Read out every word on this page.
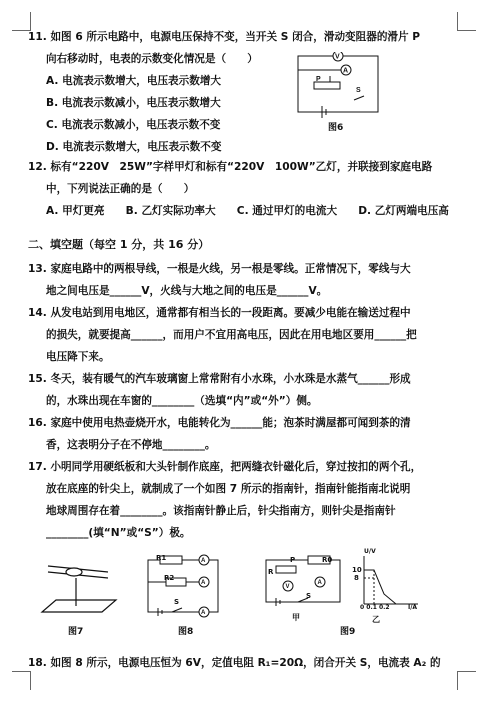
11. 如图 6 所示电路中，电源电压保持不变，当开关 S 闭合，滑动变阻器的滑片 P
向右移动时，电表的示数变化情况是（　　）
A. 电流表示数增大，电压表示数增大
B. 电流表示数减小，电压表示数增大
C. 电流表示数减小，电压表示数不变
D. 电流表示数增大，电压表示数不变
V
A
P
S
图6
12. 标有“220V　25W”字样甲灯和标有“220V　100W”乙灯，并联接到家庭电路
中，下列说法正确的是（　　）
A. 甲灯更亮　　B. 乙灯实际功率大　　C. 通过甲灯的电流大　　D. 乙灯两端电压高
二、填空题（每空 1 分，共 16 分）
13. 家庭电路中的两根导线，一根是火线，另一根是零线。正常情况下，零线与大
地之间电压是______V，火线与大地之间的电压是______V。
14. 从发电站到用电地区，通常都有相当长的一段距离。要减少电能在输送过程中
的损失，就要提高______，而用户不宜用高电压，因此在用电地区要用______把
电压降下来。
15. 冬天，装有暖气的汽车玻璃窗上常常附有小水珠，小水珠是水蒸气______形成
的，水珠出现在车窗的________（选填“内”或“外”）侧。
16. 家庭中使用电热壶烧开水，电能转化为______能；泡茶时满屋都可闻到茶的清
香，这表明分子在不停地________。
17. 小明同学用硬纸板和大头针制作底座，把两缝衣针磁化后，穿过按扣的两个孔，
放在底座的针尖上，就制成了一个如图 7 所示的指南针，指南针能指南北说明
地球周围存在着________。该指南针静止后，针尖指南方，则针尖是指南针
________(填“N”或“S”）极。
图7
A
A
A
R1
R2
S
图8
V
A
P
R
R0
S
甲
U/V
10
8
0 0.1 0.2	I/A
乙
图9
18. 如图 8 所示，电源电压恒为 6V，定值电阻 R₁=20Ω，闭合开关 S，电流表 A₂ 的
